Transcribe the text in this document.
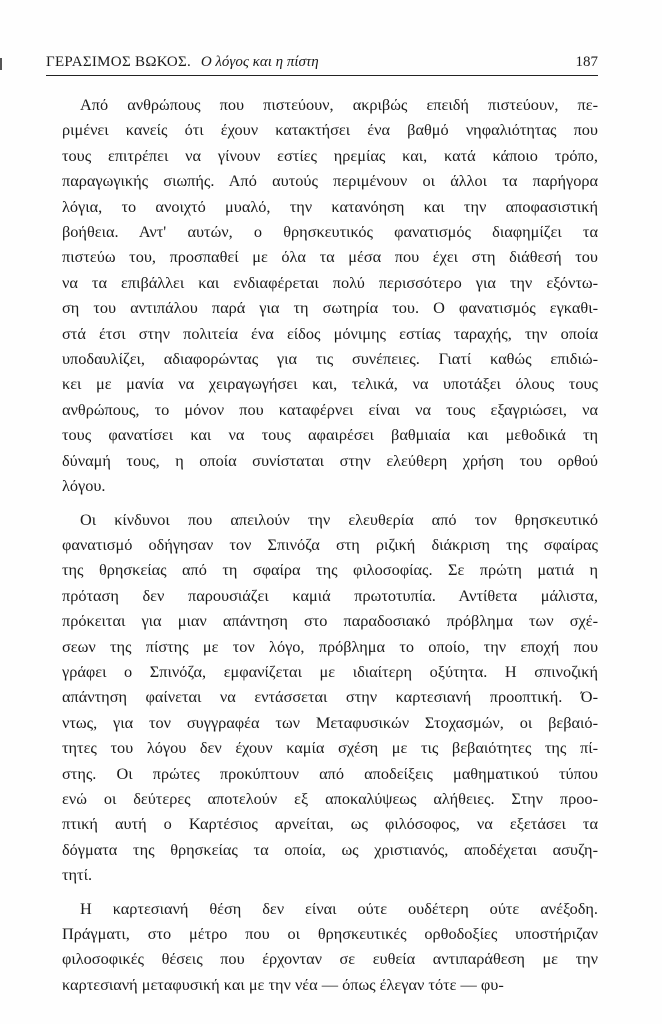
ΓΕΡΑΣΙΜΟΣ ΒΩΚΟΣ. Ο λόγος και η πίστη	187

Από ανθρώπους που πιστεύουν, ακριβώς επειδή πιστεύουν, πε-
ριμένει κανείς ότι έχουν κατακτήσει ένα βαθμό νηφαλιότητας που
τους επιτρέπει να γίνουν εστίες ηρεμίας και, κατά κάποιο τρόπο,
παραγωγικής σιωπής. Από αυτούς περιμένουν οι άλλοι τα παρήγορα
λόγια, το ανοιχτό μυαλό, την κατανόηση και την αποφασιστική
βοήθεια. Αντ' αυτών, ο θρησκευτικός φανατισμός διαφημίζει τα
πιστεύω του, προσπαθεί με όλα τα μέσα που έχει στη διάθεσή του
να τα επιβάλλει και ενδιαφέρεται πολύ περισσότερο για την εξόντω-
ση του αντιπάλου παρά για τη σωτηρία του. Ο φανατισμός εγκαθι-
στά έτσι στην πολιτεία ένα είδος μόνιμης εστίας ταραχής, την οποία
υποδαυλίζει, αδιαφορώντας για τις συνέπειες. Γιατί καθώς επιδιώ-
κει με μανία να χειραγωγήσει και, τελικά, να υποτάξει όλους τους
ανθρώπους, το μόνον που καταφέρνει είναι να τους εξαγριώσει, να
τους φανατίσει και να τους αφαιρέσει βαθμιαία και μεθοδικά τη
δύναμή τους, η οποία συνίσταται στην ελεύθερη χρήση του ορθού
λόγου.

Οι κίνδυνοι που απειλούν την ελευθερία από τον θρησκευτικό
φανατισμό οδήγησαν τον Σπινόζα στη ριζική διάκριση της σφαίρας
της θρησκείας από τη σφαίρα της φιλοσοφίας. Σε πρώτη ματιά η
πρόταση δεν παρουσιάζει καμιά πρωτοτυπία. Αντίθετα μάλιστα,
πρόκειται για μιαν απάντηση στο παραδοσιακό πρόβλημα των σχέ-
σεων της πίστης με τον λόγο, πρόβλημα το οποίο, την εποχή που
γράφει ο Σπινόζα, εμφανίζεται με ιδιαίτερη οξύτητα. Η σπινοζική
απάντηση φαίνεται να εντάσσεται στην καρτεσιανή προοπτική. Ό-
ντως, για τον συγγραφέα των Μεταφυσικών Στοχασμών, οι βεβαιό-
τητες του λόγου δεν έχουν καμία σχέση με τις βεβαιότητες της πί-
στης. Οι πρώτες προκύπτουν από αποδείξεις μαθηματικού τύπου
ενώ οι δεύτερες αποτελούν εξ αποκαλύψεως αλήθειες. Στην προο-
πτική αυτή ο Καρτέσιος αρνείται, ως φιλόσοφος, να εξετάσει τα
δόγματα της θρησκείας τα οποία, ως χριστιανός, αποδέχεται ασυζη-
τητί.

Η καρτεσιανή θέση δεν είναι ούτε ουδέτερη ούτε ανέξοδη.
Πράγματι, στο μέτρο που οι θρησκευτικές ορθοδοξίες υποστήριζαν
φιλοσοφικές θέσεις που έρχονταν σε ευθεία αντιπαράθεση με την
καρτεσιανή μεταφυσική και με την νέα — όπως έλεγαν τότε — φυ-
